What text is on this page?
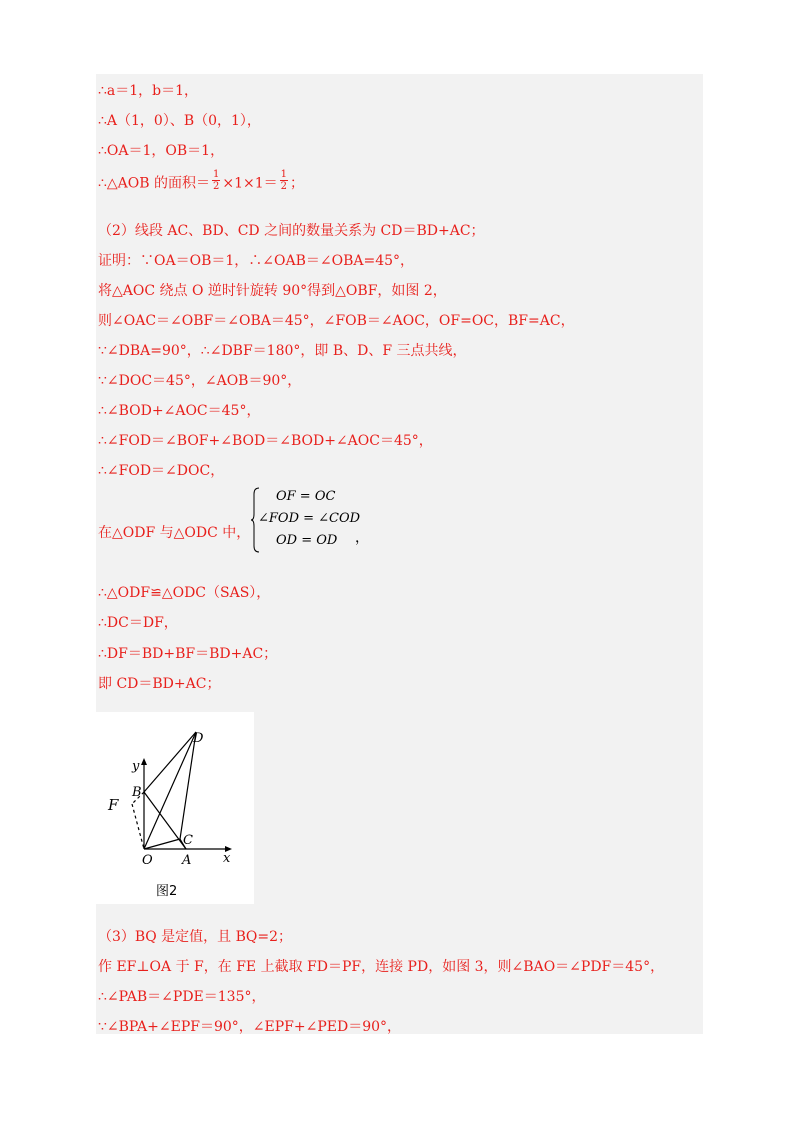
∴a＝1，b＝1，
∴A（1，0）、B（0，1），
∴OA＝1，OB＝1，
∴△AOB 的面积＝ $\frac{1}{2} \times 1\times 1= \frac{1}{2}$ ；
（2）线段 AC、BD、CD 之间的数量关系为 CD＝BD+AC；
证明：∵OA＝OB＝1，∴∠OAB＝∠OBA=45°，
将△AOC 绕点 O 逆时针旋转 90°得到△OBF，如图 2，
则∠OAC＝∠OBF＝∠OBA＝45°，∠FOB＝∠AOC，OF=OC，BF=AC，
∵∠DBA=90°，∴∠DBF＝180°，即 B、D、F 三点共线，
∵∠DOC＝45°，∠AOB＝90°，
∴∠BOD+∠AOC＝45°，
∴∠FOD＝∠BOF+∠BOD＝∠BOD+∠AOC＝45°，
∴∠FOD＝∠DOC，
在△ODF 与△ODC 中，
OF = OC
∠FOD = ∠COD
OD = OD ，
∴△ODF≌△ODC（SAS），
∴DC＝DF，
∴DF＝BD+BF＝BD+AC；
即 CD＝BD+AC；
D
y
B
F
C
O A x
图2
（3）BQ 是定值，且 BQ=2；
作 EF⊥OA 于 F，在 FE 上截取 FD＝PF，连接 PD，如图 3，则∠BAO＝∠PDF＝45°，
∴∠PAB＝∠PDE＝135°，
∵∠BPA+∠EPF＝90°，∠EPF+∠PED＝90°，
